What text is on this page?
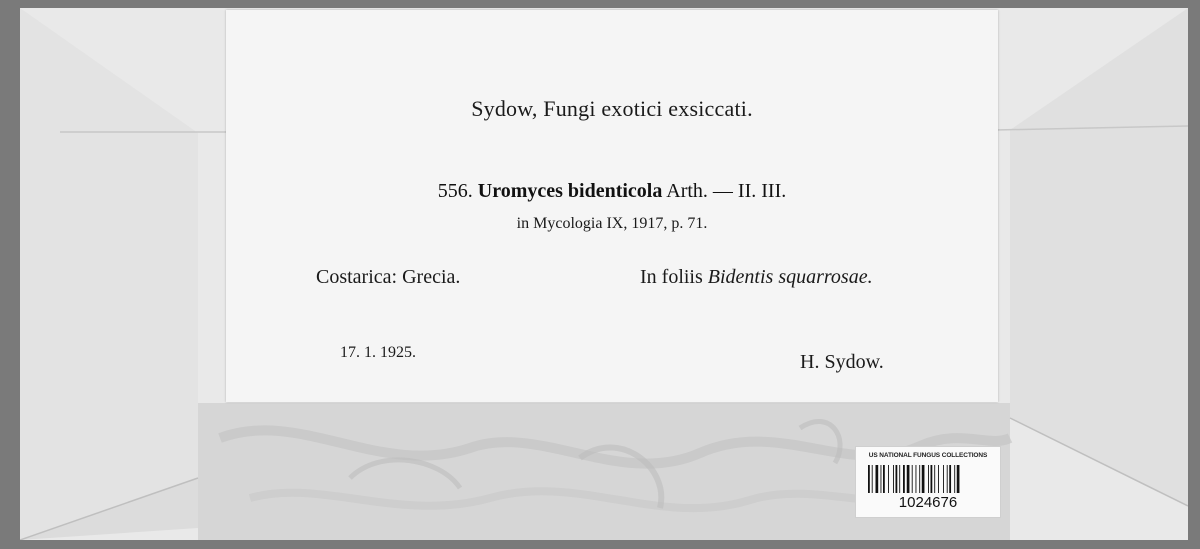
Sydow, Fungi exotici exsiccati.
556. Uromyces bidenticola Arth. — II. III.
in Mycologia IX, 1917, p. 71.
Costarica: Grecia.	In foliis Bidentis squarrosae.
17. 1. 1925.	H. Sydow.
US NATIONAL FUNGUS COLLECTIONS
1024676
